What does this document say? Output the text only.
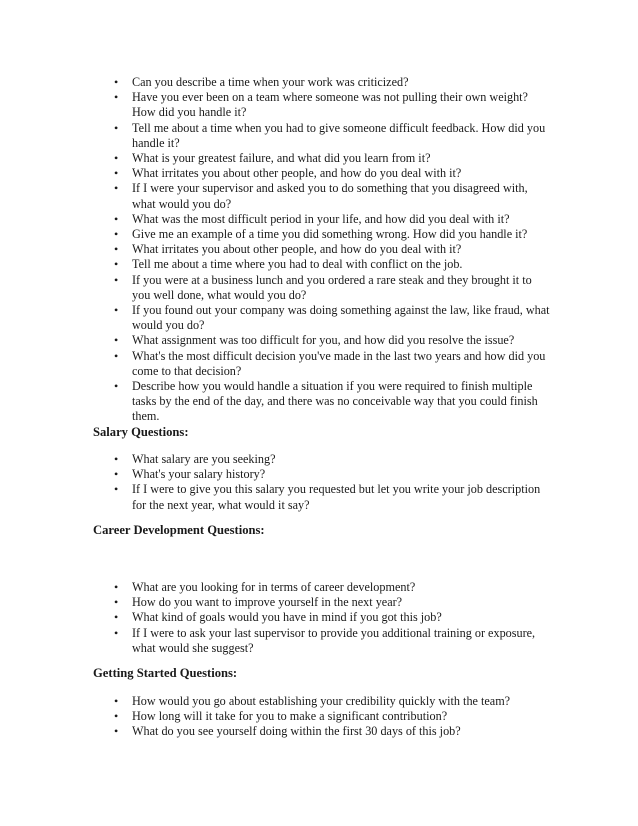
• Can you describe a time when your work was criticized?
• Have you ever been on a team where someone was not pulling their own weight? How did you handle it?
• Tell me about a time when you had to give someone difficult feedback. How did you handle it?
• What is your greatest failure, and what did you learn from it?
• What irritates you about other people, and how do you deal with it?
• If I were your supervisor and asked you to do something that you disagreed with, what would you do?
• What was the most difficult period in your life, and how did you deal with it?
• Give me an example of a time you did something wrong. How did you handle it?
• What irritates you about other people, and how do you deal with it?
• Tell me about a time where you had to deal with conflict on the job.
• If you were at a business lunch and you ordered a rare steak and they brought it to you well done, what would you do?
• If you found out your company was doing something against the law, like fraud, what would you do?
• What assignment was too difficult for you, and how did you resolve the issue?
• What's the most difficult decision you've made in the last two years and how did you come to that decision?
• Describe how you would handle a situation if you were required to finish multiple tasks by the end of the day, and there was no conceivable way that you could finish them.
Salary Questions:
• What salary are you seeking?
• What's your salary history?
• If I were to give you this salary you requested but let you write your job description for the next year, what would it say?
Career Development Questions:
• What are you looking for in terms of career development?
• How do you want to improve yourself in the next year?
• What kind of goals would you have in mind if you got this job?
• If I were to ask your last supervisor to provide you additional training or exposure, what would she suggest?
Getting Started Questions:
• How would you go about establishing your credibility quickly with the team?
• How long will it take for you to make a significant contribution?
• What do you see yourself doing within the first 30 days of this job?
